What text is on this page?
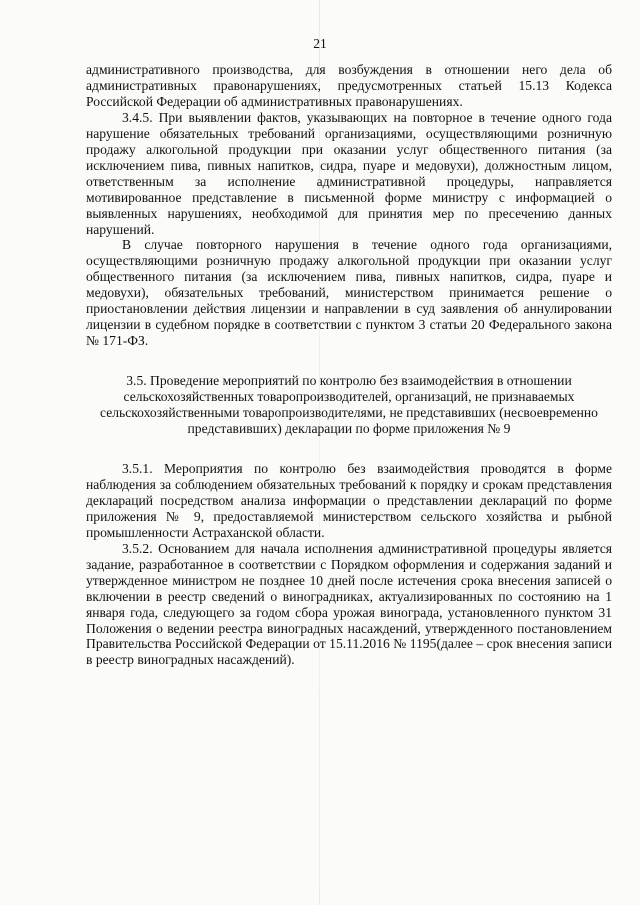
21

административного производства, для возбуждения в отношении него дела об административных правонарушениях, предусмотренных статьей 15.13 Кодекса Российской Федерации об административных правонарушениях.

3.4.5. При выявлении фактов, указывающих на повторное в течение одного года нарушение обязательных требований организациями, осуществляющими розничную продажу алкогольной продукции при оказании услуг общественного питания (за исключением пива, пивных напитков, сидра, пуаре и медовухи), должностным лицом, ответственным за исполнение административной процедуры, направляется мотивированное представление в письменной форме министру с информацией о выявленных нарушениях, необходимой для принятия мер по пресечению данных нарушений.

В случае повторного нарушения в течение одного года организациями, осуществляющими розничную продажу алкогольной продукции при оказании услуг общественного питания (за исключением пива, пивных напитков, сидра, пуаре и медовухи), обязательных требований, министерством принимается решение о приостановлении действия лицензии и направлении в суд заявления об аннулировании лицензии в судебном порядке в соответствии с пунктом 3 статьи 20 Федерального закона № 171-ФЗ.

3.5. Проведение мероприятий по контролю без взаимодействия в отношении сельскохозяйственных товаропроизводителей, организаций, не признаваемых сельскохозяйственными товаропроизводителями, не представивших (несвоевременно представивших) декларации по форме приложения № 9

3.5.1. Мероприятия по контролю без взаимодействия проводятся в форме наблюдения за соблюдением обязательных требований к порядку и срокам представления деклараций посредством анализа информации о представлении деклараций по форме приложения № 9, предоставляемой министерством сельского хозяйства и рыбной промышленности Астраханской области.

3.5.2. Основанием для начала исполнения административной процедуры является задание, разработанное в соответствии с Порядком оформления и содержания заданий и утвержденное министром не позднее 10 дней после истечения срока внесения записей о включении в реестр сведений о виноградниках, актуализированных по состоянию на 1 января года, следующего за годом сбора урожая винограда, установленного пунктом 31 Положения о ведении реестра виноградных насаждений, утвержденного постановлением Правительства Российской Федерации от 15.11.2016 № 1195(далее – срок внесения записи в реестр виноградных насаждений).
